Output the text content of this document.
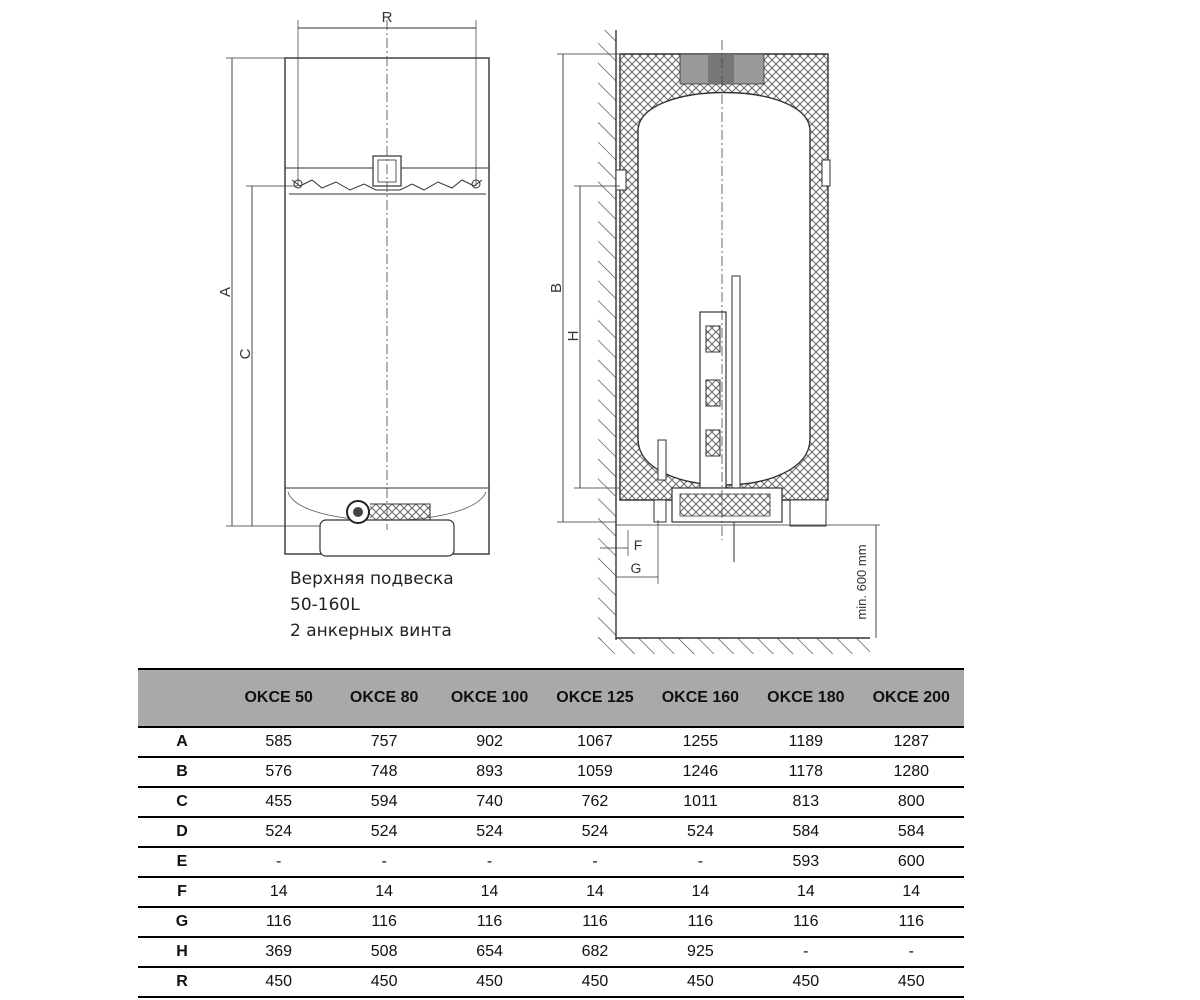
R
A
C
min. 600 mm
B
H
F
G
Верхняя подвеска
50-160L
2 анкерных винта
	OKCE 50	OKCE 80	OKCE 100	OKCE 125	OKCE 160	OKCE 180	OKCE 200
A	585	757	902	1067	1255	1189	1287
B	576	748	893	1059	1246	1178	1280
C	455	594	740	762	1011	813	800
D	524	524	524	524	524	584	584
E	-	-	-	-	-	593	600
F	14	14	14	14	14	14	14
G	116	116	116	116	116	116	116
H	369	508	654	682	925	-	-
R	450	450	450	450	450	450	450
